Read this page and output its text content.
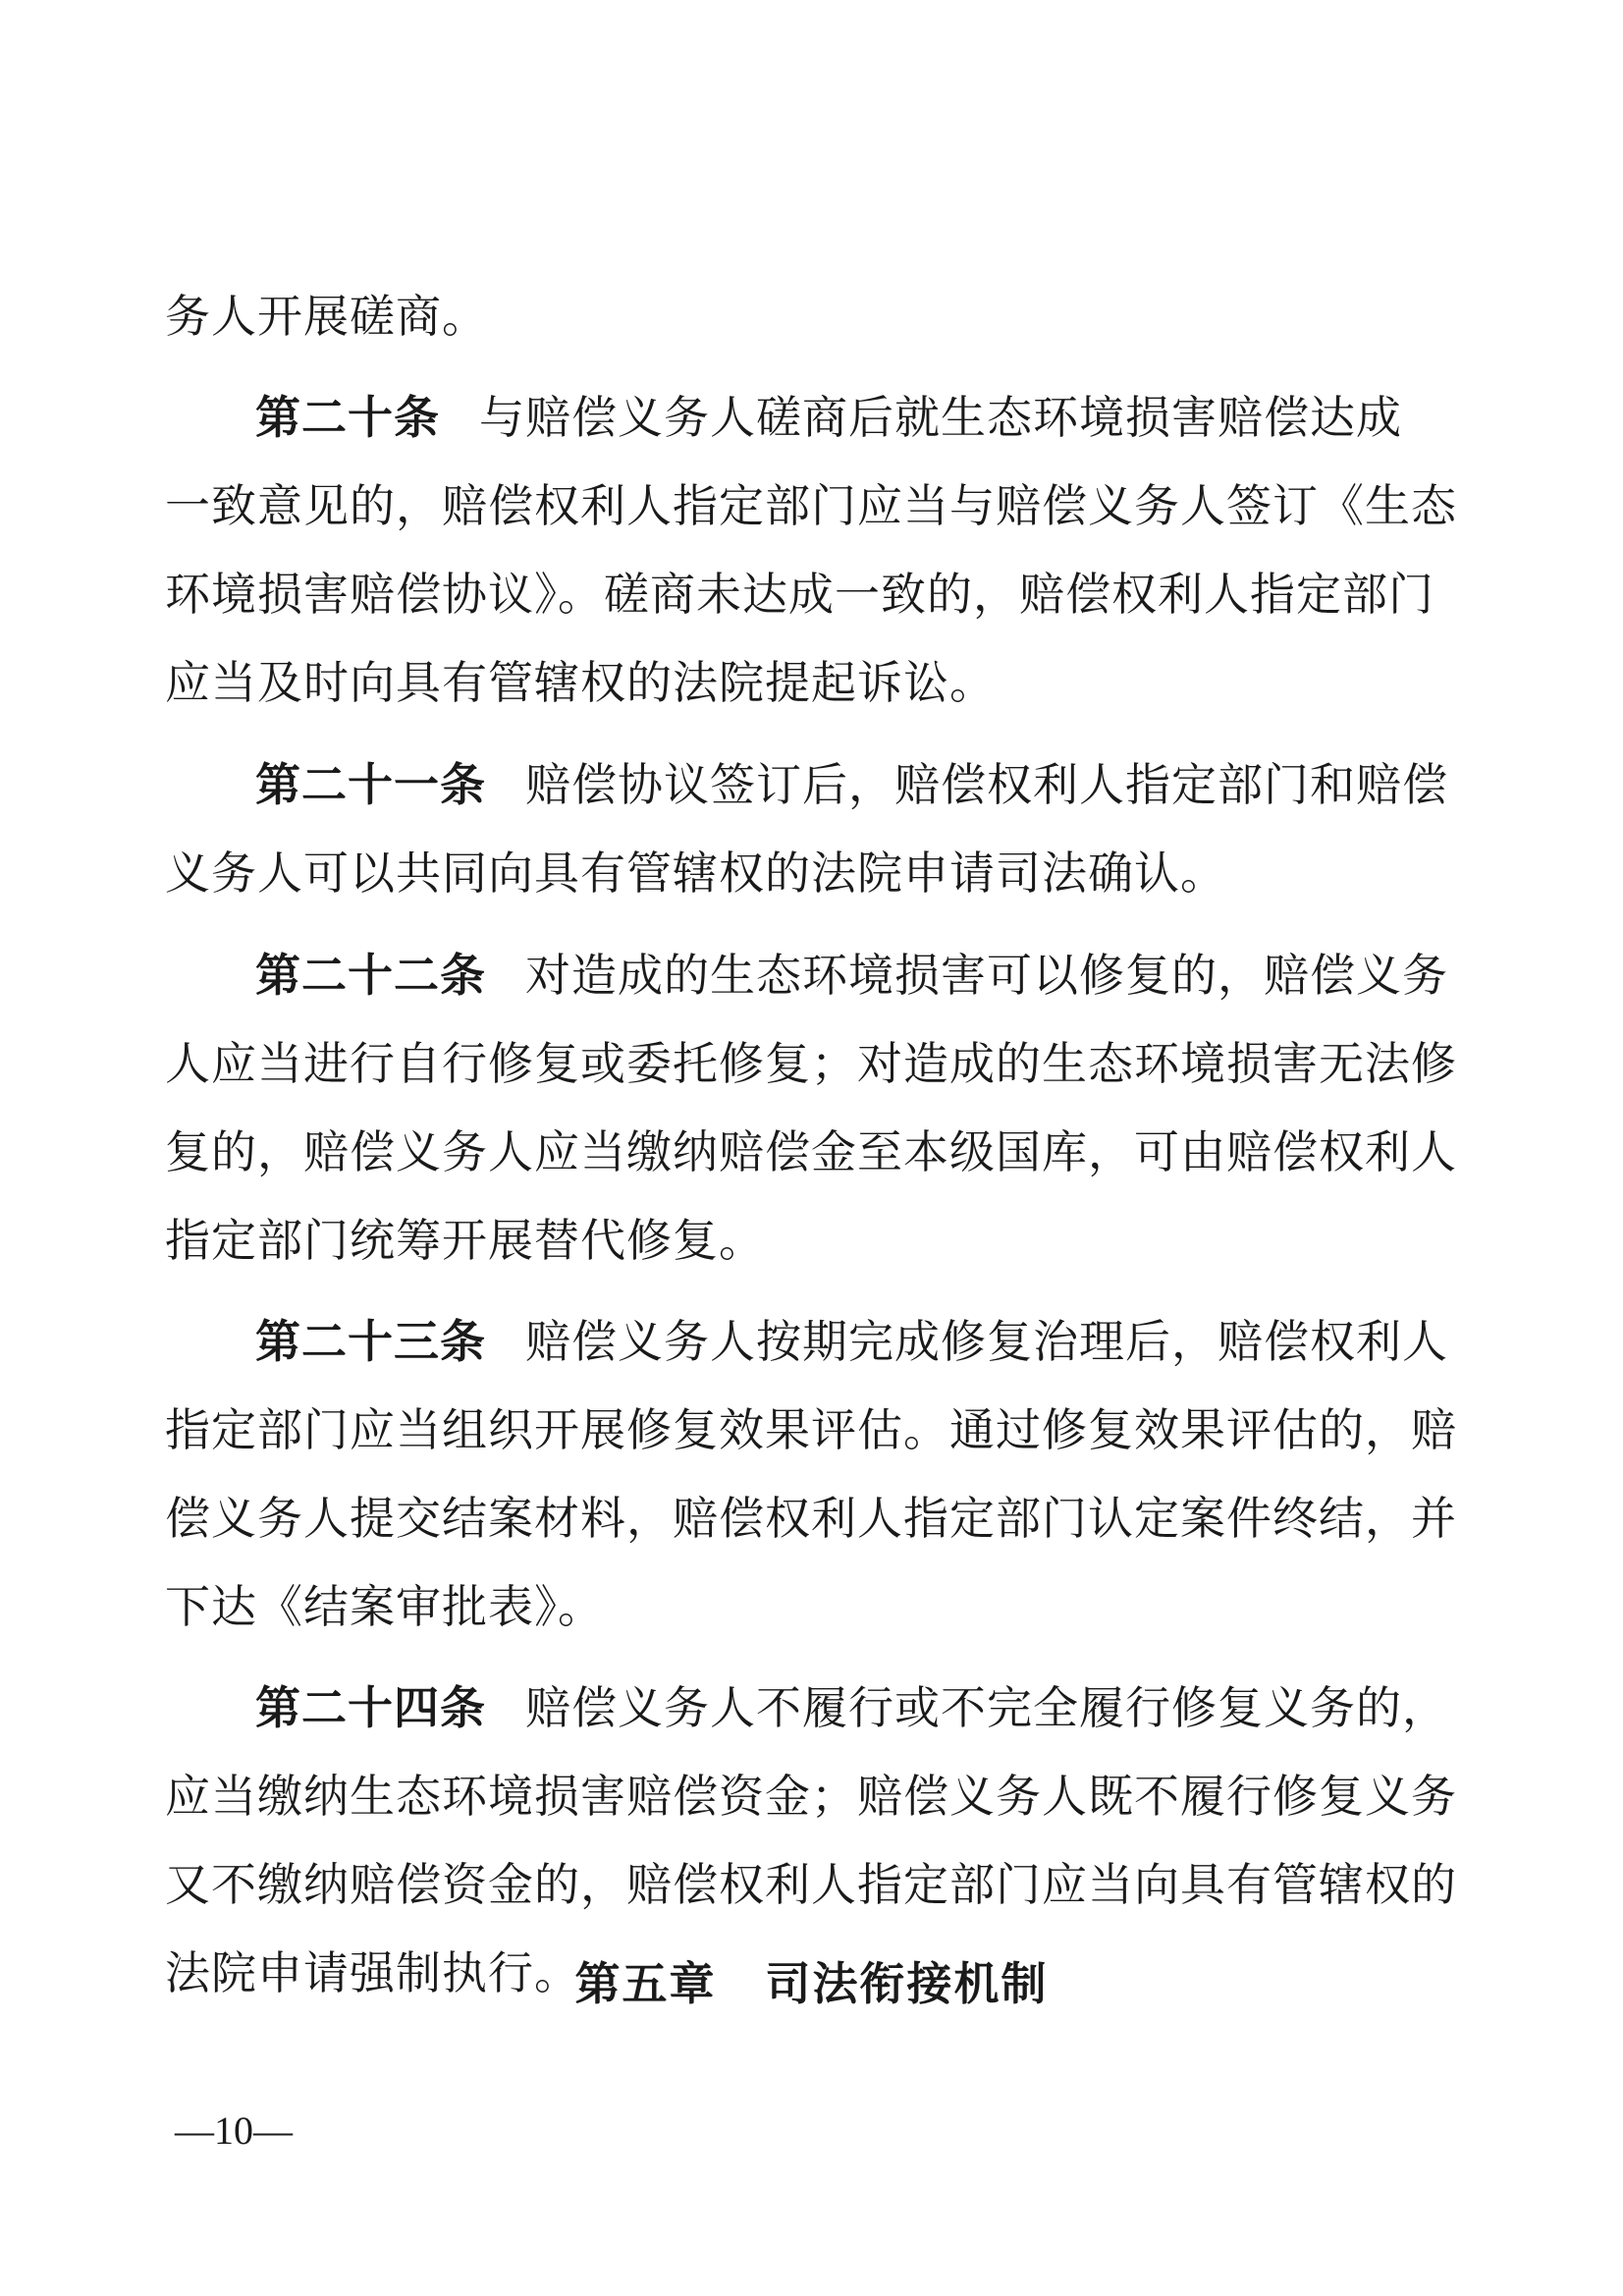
务人开展磋商。
第二十条 与赔偿义务人磋商后就生态环境损害赔偿达成
一致意见的，赔偿权利人指定部门应当与赔偿义务人签订《生态
环境损害赔偿协议》。磋商未达成一致的，赔偿权利人指定部门
应当及时向具有管辖权的法院提起诉讼。
第二十一条 赔偿协议签订后，赔偿权利人指定部门和赔偿
义务人可以共同向具有管辖权的法院申请司法确认。
第二十二条 对造成的生态环境损害可以修复的，赔偿义务
人应当进行自行修复或委托修复；对造成的生态环境损害无法修
复的，赔偿义务人应当缴纳赔偿金至本级国库，可由赔偿权利人
指定部门统筹开展替代修复。
第二十三条 赔偿义务人按期完成修复治理后，赔偿权利人
指定部门应当组织开展修复效果评估。通过修复效果评估的，赔
偿义务人提交结案材料，赔偿权利人指定部门认定案件终结，并
下达《结案审批表》。
第二十四条 赔偿义务人不履行或不完全履行修复义务的，
应当缴纳生态环境损害赔偿资金；赔偿义务人既不履行修复义务
又不缴纳赔偿资金的，赔偿权利人指定部门应当向具有管辖权的
法院申请强制执行。
第五章 司法衔接机制
—10—
